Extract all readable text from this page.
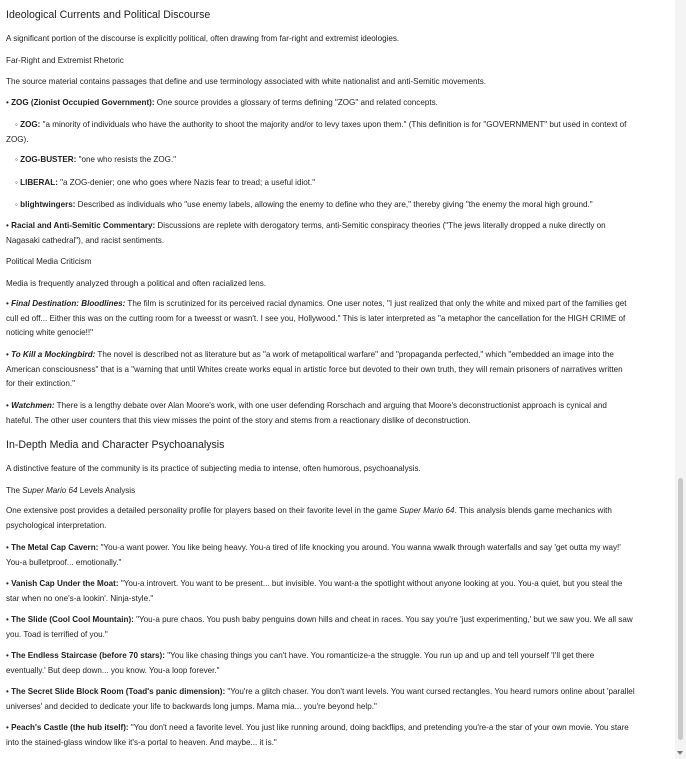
Ideological Currents and Political Discourse
A significant portion of the discourse is explicitly political, often drawing from far-right and extremist ideologies.
Far-Right and Extremist Rhetoric
The source material contains passages that define and use terminology associated with white nationalist and anti-Semitic movements.
• ZOG (Zionist Occupied Government): One source provides a glossary of terms defining "ZOG" and related concepts.
◦ ZOG: "a minority of individuals who have the authority to shoot the majority and/or to levy taxes upon them." (This definition is for "GOVERNMENT" but used in context of
ZOG).
◦ ZOG-BUSTER: "one who resists the ZOG."
◦ LIBERAL: "a ZOG-denier; one who goes where Nazis fear to tread; a useful idiot."
◦ blightwingers: Described as individuals who "use enemy labels, allowing the enemy to define who they are," thereby giving "the enemy the moral high ground."
• Racial and Anti-Semitic Commentary: Discussions are replete with derogatory terms, anti-Semitic conspiracy theories ("The jews literally dropped a nuke directly on
Nagasaki cathedral"), and racist sentiments.
Political Media Criticism
Media is frequently analyzed through a political and often racialized lens.
• Final Destination: Bloodlines: The film is scrutinized for its perceived racial dynamics. One user notes, "I just realized that only the white and mixed part of the families get
cull ed off... Either this was on the cutting room for a tweesst or wasn't. I see you, Hollywood." This is later interpreted as "a metaphor the cancellation for the HIGH CRIME of
noticing white genocie!!"
• To Kill a Mockingbird: The novel is described not as literature but as "a work of metapolitical warfare" and "propaganda perfected," which "embedded an image into the
American consciousness" that is a "warning that until Whites create works equal in artistic force but devoted to their own truth, they will remain prisoners of narratives written
for their extinction."
• Watchmen: There is a lengthy debate over Alan Moore's work, with one user defending Rorschach and arguing that Moore's deconstructionist approach is cynical and
hateful. The other user counters that this view misses the point of the story and stems from a reactionary dislike of deconstruction.
In-Depth Media and Character Psychoanalysis
A distinctive feature of the community is its practice of subjecting media to intense, often humorous, psychoanalysis.
The Super Mario 64 Levels Analysis
One extensive post provides a detailed personality profile for players based on their favorite level in the game Super Mario 64. This analysis blends game mechanics with
psychological interpretation.
• The Metal Cap Cavern: "You-a want power. You like being heavy. You-a tired of life knocking you around. You wanna wwalk through waterfalls and say 'get outta my way!'
You-a bulletproof... emotionally."
• Vanish Cap Under the Moat: "You-a introvert. You want to be present... but invisible. You want-a the spotlight without anyone looking at you. You-a quiet, but you steal the
star when no one's-a lookin'. Ninja-style."
• The Slide (Cool Cool Mountain): "You-a pure chaos. You push baby penguins down hills and cheat in races. You say you're 'just experimenting,' but we saw you. We all saw
you. Toad is terrified of you."
• The Endless Staircase (before 70 stars): "You like chasing things you can't have. You romanticize-a the struggle. You run up and up and tell yourself 'I'll get there
eventually.' But deep down... you know. You-a loop forever."
• The Secret Slide Block Room (Toad's panic dimension): "You're a glitch chaser. You don't want levels. You want cursed rectangles. You heard rumors online about 'parallel
universes' and decided to dedicate your life to backwards long jumps. Mama mia... you're beyond help."
• Peach's Castle (the hub itself): "You don't need a favorite level. You just like running around, doing backflips, and pretending you're-a the star of your own movie. You stare
into the stained-glass window like it's-a portal to heaven. And maybe... it is."
